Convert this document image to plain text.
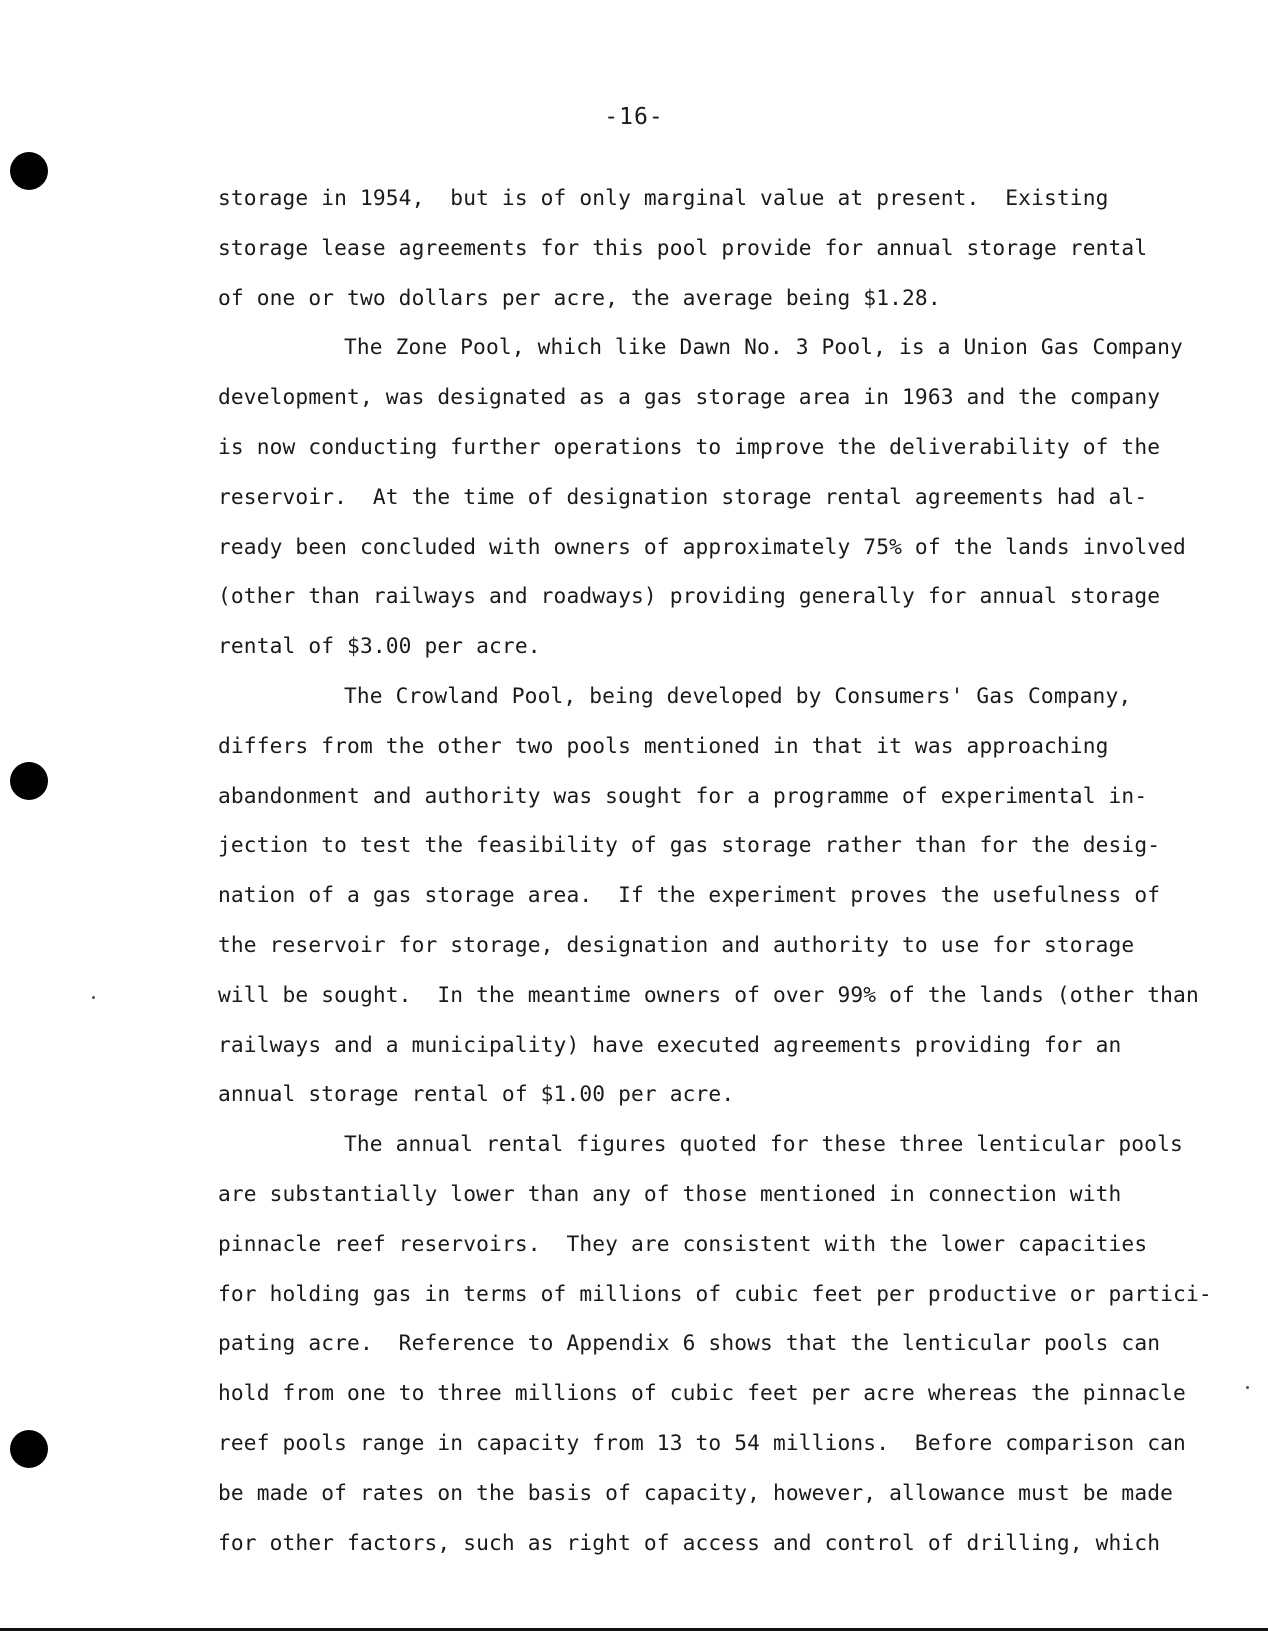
-16-
storage in 1954,  but is of only marginal value at present.  Existing
storage lease agreements for this pool provide for annual storage rental
of one or two dollars per acre, the average being $1.28.
The Zone Pool, which like Dawn No. 3 Pool, is a Union Gas Company
development, was designated as a gas storage area in 1963 and the company
is now conducting further operations to improve the deliverability of the
reservoir.  At the time of designation storage rental agreements had al-
ready been concluded with owners of approximately 75% of the lands involved
(other than railways and roadways) providing generally for annual storage
rental of $3.00 per acre.
The Crowland Pool, being developed by Consumers' Gas Company,
differs from the other two pools mentioned in that it was approaching
abandonment and authority was sought for a programme of experimental in-
jection to test the feasibility of gas storage rather than for the desig-
nation of a gas storage area.  If the experiment proves the usefulness of
the reservoir for storage, designation and authority to use for storage
will be sought.  In the meantime owners of over 99% of the lands (other than
railways and a municipality) have executed agreements providing for an
annual storage rental of $1.00 per acre.
The annual rental figures quoted for these three lenticular pools
are substantially lower than any of those mentioned in connection with
pinnacle reef reservoirs.  They are consistent with the lower capacities
for holding gas in terms of millions of cubic feet per productive or partici-
pating acre.  Reference to Appendix 6 shows that the lenticular pools can
hold from one to three millions of cubic feet per acre whereas the pinnacle
reef pools range in capacity from 13 to 54 millions.  Before comparison can
be made of rates on the basis of capacity, however, allowance must be made
for other factors, such as right of access and control of drilling, which
